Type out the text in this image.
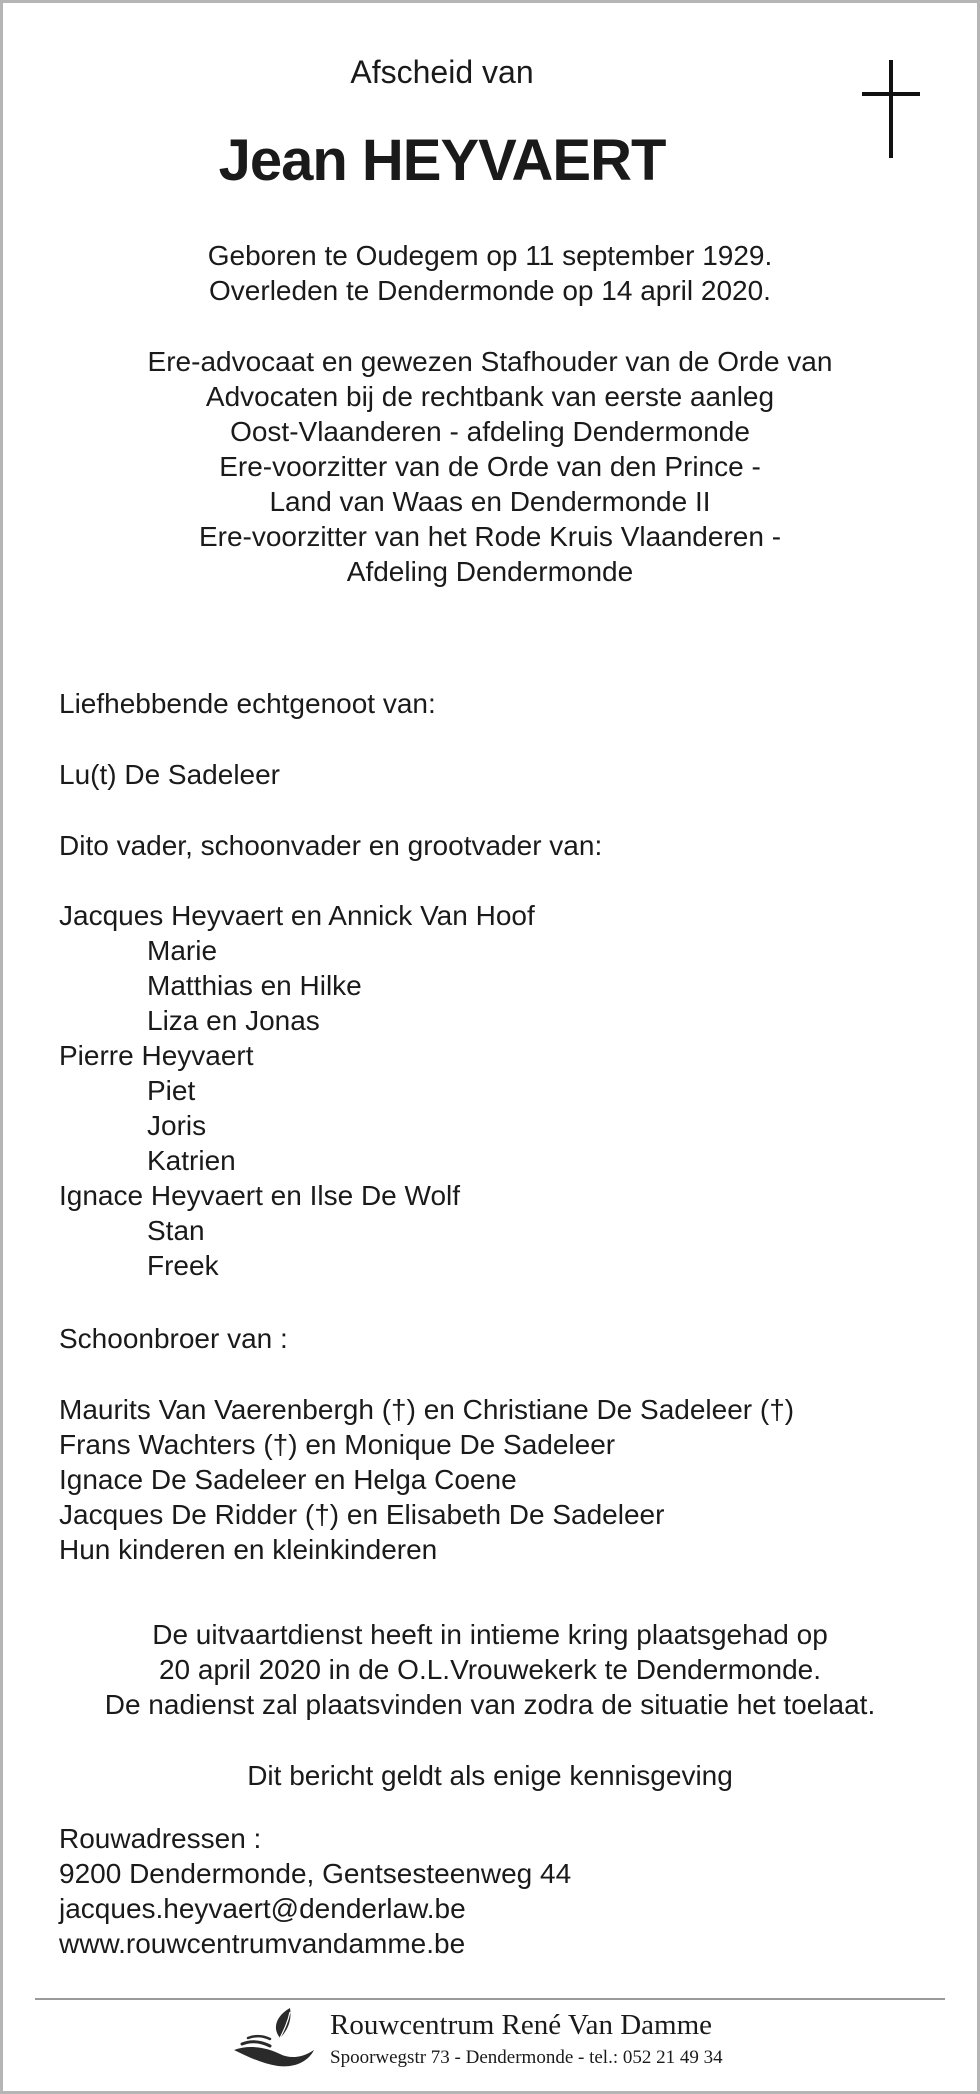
Afscheid van
Jean HEYVAERT
Geboren te Oudegem op 11 september 1929.
Overleden te Dendermonde op 14 april 2020.
Ere-advocaat en gewezen Stafhouder van de Orde van
Advocaten bij de rechtbank van eerste aanleg
Oost-Vlaanderen - afdeling Dendermonde
Ere-voorzitter van de Orde van den Prince -
Land van Waas en Dendermonde II
Ere-voorzitter van het Rode Kruis Vlaanderen -
Afdeling Dendermonde
Liefhebbende echtgenoot van:
Lu(t) De Sadeleer
Dito vader, schoonvader en grootvader van:
Jacques Heyvaert en Annick Van Hoof
Marie
Matthias en Hilke
Liza en Jonas
Pierre Heyvaert
Piet
Joris
Katrien
Ignace Heyvaert en Ilse De Wolf
Stan
Freek
Schoonbroer van :
Maurits Van Vaerenbergh (†) en Christiane De Sadeleer (†)
Frans Wachters (†) en Monique De Sadeleer
Ignace De Sadeleer en Helga Coene
Jacques De Ridder (†) en Elisabeth De Sadeleer
Hun kinderen en kleinkinderen
De uitvaartdienst heeft in intieme kring plaatsgehad op
20 april 2020 in de O.L.Vrouwekerk te Dendermonde.
De nadienst zal plaatsvinden van zodra de situatie het toelaat.
Dit bericht geldt als enige kennisgeving
Rouwadressen :
9200 Dendermonde, Gentsesteenweg 44
jacques.heyvaert@denderlaw.be
www.rouwcentrumvandamme.be
Rouwcentrum René Van Damme
Spoorwegstr 73 - Dendermonde - tel.: 052 21 49 34
